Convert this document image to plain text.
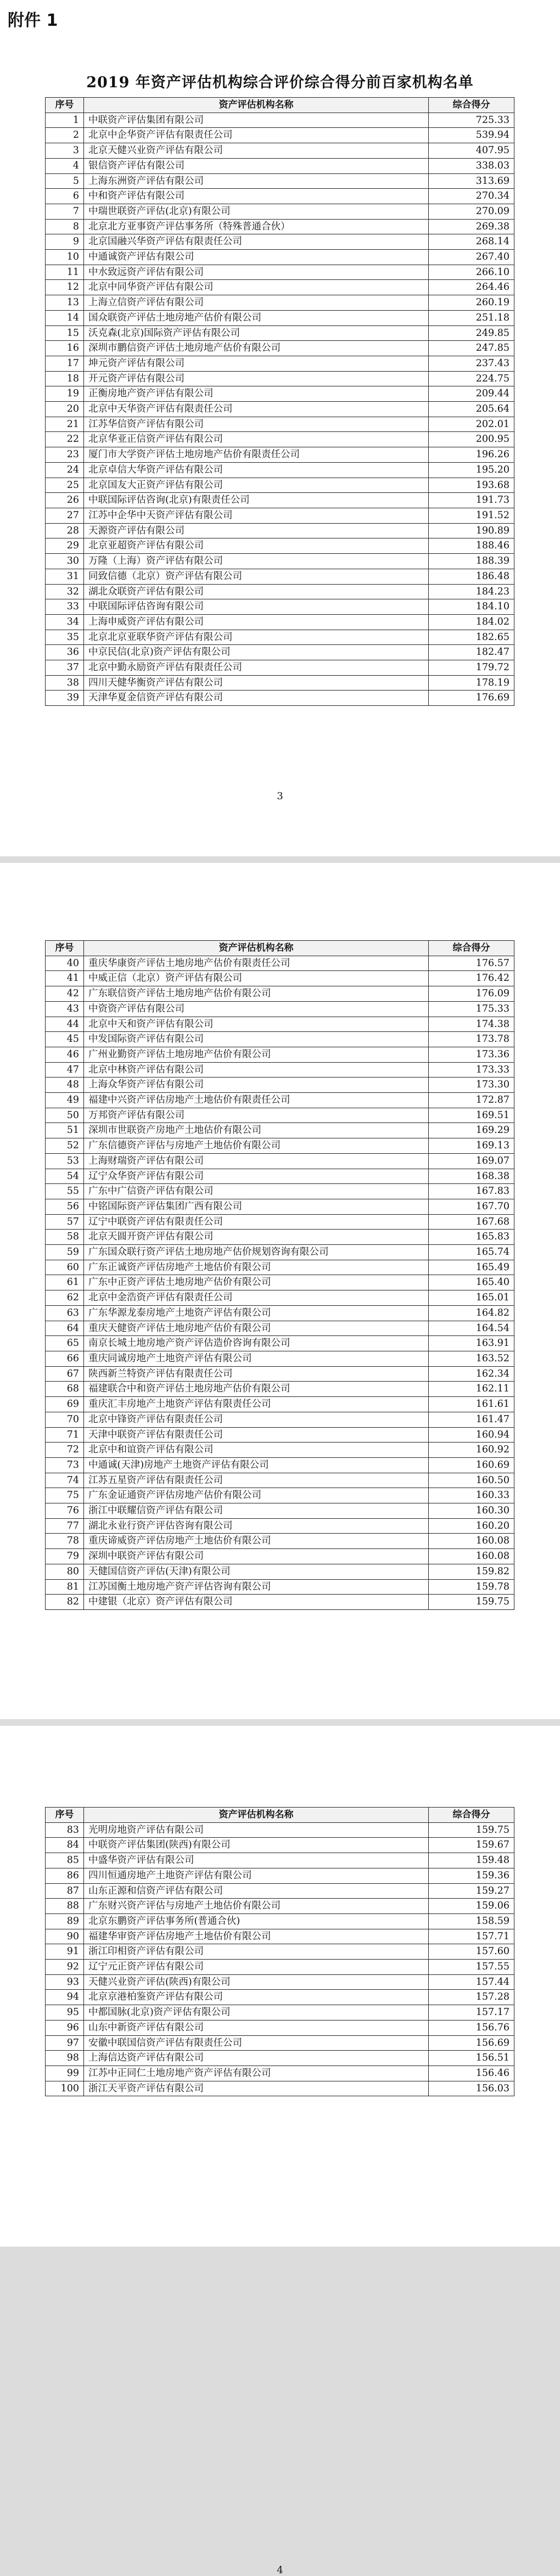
附件 1
2019 年资产评估机构综合评价综合得分前百家机构名单
序号	资产评估机构名称	综合得分
1	中联资产评估集团有限公司	725.33
2	北京中企华资产评估有限责任公司	539.94
3	北京天健兴业资产评估有限公司	407.95
4	银信资产评估有限公司	338.03
5	上海东洲资产评估有限公司	313.69
6	中和资产评估有限公司	270.34
7	中瑞世联资产评估(北京)有限公司	270.09
8	北京北方亚事资产评估事务所（特殊普通合伙）	269.38
9	北京国融兴华资产评估有限责任公司	268.14
10	中通诚资产评估有限公司	267.40
11	中水致远资产评估有限公司	266.10
12	北京中同华资产评估有限公司	264.46
13	上海立信资产评估有限公司	260.19
14	国众联资产评估土地房地产估价有限公司	251.18
15	沃克森(北京)国际资产评估有限公司	249.85
16	深圳市鹏信资产评估土地房地产估价有限公司	247.85
17	坤元资产评估有限公司	237.43
18	开元资产评估有限公司	224.75
19	正衡房地产资产评估有限公司	209.44
20	北京中天华资产评估有限责任公司	205.64
21	江苏华信资产评估有限公司	202.01
22	北京华亚正信资产评估有限公司	200.95
23	厦门市大学资产评估土地房地产估价有限责任公司	196.26
24	北京卓信大华资产评估有限公司	195.20
25	北京国友大正资产评估有限公司	193.68
26	中联国际评估咨询(北京)有限责任公司	191.73
27	江苏中企华中天资产评估有限公司	191.52
28	天源资产评估有限公司	190.89
29	北京亚超资产评估有限公司	188.46
30	万隆（上海）资产评估有限公司	188.39
31	同致信德（北京）资产评估有限公司	186.48
32	湖北众联资产评估有限公司	184.23
33	中联国际评估咨询有限公司	184.10
34	上海申威资产评估有限公司	184.02
35	北京北京亚联华资产评估有限公司	182.65
36	中京民信(北京)资产评估有限公司	182.47
37	北京中勤永励资产评估有限责任公司	179.72
38	四川天健华衡资产评估有限公司	178.19
39	天津华夏金信资产评估有限公司	176.69
3
序号	资产评估机构名称	综合得分
40	重庆华康资产评估土地房地产估价有限责任公司	176.57
41	中威正信（北京）资产评估有限公司	176.42
42	广东联信资产评估土地房地产估价有限公司	176.09
43	中资资产评估有限公司	175.33
44	北京中天和资产评估有限公司	174.38
45	中发国际资产评估有限公司	173.78
46	广州业勤资产评估土地房地产估价有限公司	173.36
47	北京中林资产评估有限公司	173.33
48	上海众华资产评估有限公司	173.30
49	福建中兴资产评估房地产土地估价有限责任公司	172.87
50	万邦资产评估有限公司	169.51
51	深圳市世联资产房地产土地估价有限公司	169.29
52	广东信德资产评估与房地产土地估价有限公司	169.13
53	上海财瑞资产评估有限公司	169.07
54	辽宁众华资产评估有限公司	168.38
55	广东中广信资产评估有限公司	167.83
56	中铭国际资产评估集团广西有限公司	167.70
57	辽宁中联资产评估有限责任公司	167.68
58	北京天圆开资产评估有限公司	165.83
59	广东国众联行资产评估土地房地产估价规划咨询有限公司	165.74
60	广东正诚资产评估房地产土地估价有限公司	165.49
61	广东中正资产评估土地房地产估价有限公司	165.40
62	北京中金浩资产评估有限责任公司	165.01
63	广东华源龙泰房地产土地资产评估有限公司	164.82
64	重庆天健资产评估土地房地产估价有限公司	164.54
65	南京长城土地房地产资产评估造价咨询有限公司	163.91
66	重庆同诚房地产土地资产评估有限公司	163.52
67	陕西新兰特资产评估有限责任公司	162.34
68	福建联合中和资产评估土地房地产估价有限公司	162.11
69	重庆汇丰房地产土地资产评估有限责任公司	161.61
70	北京中锋资产评估有限责任公司	161.47
71	天津中联资产评估有限责任公司	160.94
72	北京中和谊资产评估有限公司	160.92
73	中通诚(天津)房地产土地资产评估有限公司	160.69
74	江苏五星资产评估有限责任公司	160.50
75	广东金证通资产评估房地产估价有限公司	160.33
76	浙江中联耀信资产评估有限公司	160.30
77	湖北永业行资产评估咨询有限公司	160.20
78	重庆谛威资产评估房地产土地估价有限公司	160.08
79	深圳中联资产评估有限公司	160.08
80	天健国信资产评估(天津)有限公司	159.82
81	江苏国衡土地房地产资产评估咨询有限公司	159.78
82	中建银（北京）资产评估有限公司	159.75
4
序号	资产评估机构名称	综合得分
83	光明房地资产评估有限公司	159.75
84	中联资产评估集团(陕西)有限公司	159.67
85	中盛华资产评估有限公司	159.48
86	四川恒通房地产土地资产评估有限公司	159.36
87	山东正源和信资产评估有限公司	159.27
88	广东财兴资产评估与房地产土地估价有限公司	159.06
89	北京东鹏资产评估事务所(普通合伙)	158.59
90	福建华审资产评估房地产土地估价有限公司	157.71
91	浙江印相资产评估有限公司	157.60
92	辽宁元正资产评估有限公司	157.55
93	天健兴业资产评估(陕西)有限公司	157.44
94	北京京港柏鉴资产评估有限公司	157.28
95	中都国脉(北京)资产评估有限公司	157.17
96	山东中新资产评估有限公司	156.76
97	安徽中联国信资产评估有限责任公司	156.69
98	上海信达资产评估有限公司	156.51
99	江苏中正同仁土地房地产资产评估有限公司	156.46
100	浙江天平资产评估有限公司	156.03
